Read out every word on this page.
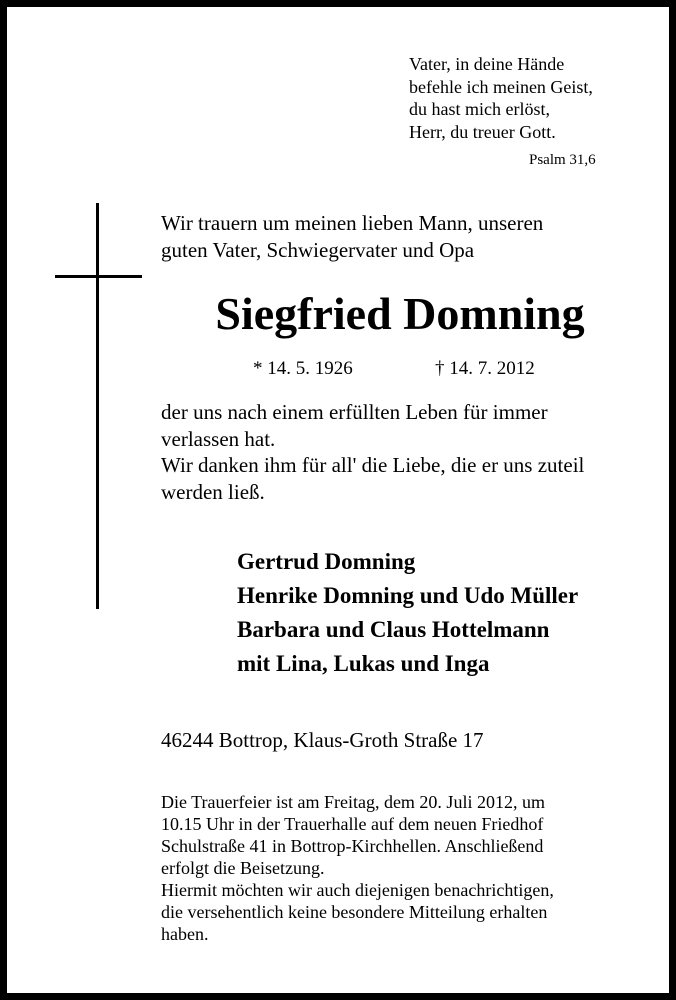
Vater, in deine Hände
befehle ich meinen Geist,
du hast mich erlöst,
Herr, du treuer Gott.
Psalm 31,6
Wir trauern um meinen lieben Mann, unseren
guten Vater, Schwiegervater und Opa
Siegfried Domning
* 14. 5. 1926	† 14. 7. 2012
der uns nach einem erfüllten Leben für immer
verlassen hat.
Wir danken ihm für all' die Liebe, die er uns zuteil
werden ließ.
Gertrud Domning
Henrike Domning und Udo Müller
Barbara und Claus Hottelmann
mit Lina, Lukas und Inga
46244 Bottrop, Klaus-Groth Straße 17
Die Trauerfeier ist am Freitag, dem 20. Juli 2012, um
10.15 Uhr in der Trauerhalle auf dem neuen Friedhof
Schulstraße 41 in Bottrop-Kirchhellen. Anschließend
erfolgt die Beisetzung.
Hiermit möchten wir auch diejenigen benachrichtigen,
die versehentlich keine besondere Mitteilung erhalten
haben.
